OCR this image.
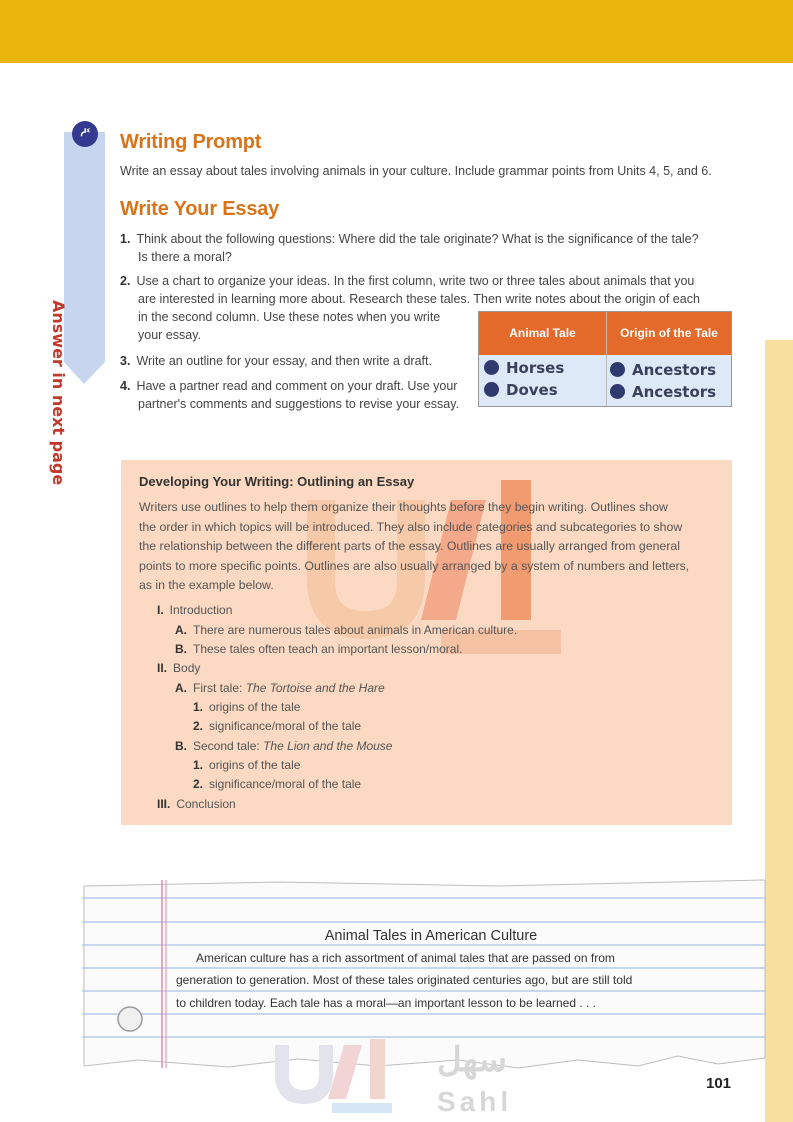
Answer in next page
ᓱᓫ	Writing Prompt
Write an essay about tales involving animals in your culture. Include grammar points from Units 4, 5, and 6.
Write Your Essay
1. Think about the following questions: Where did the tale originate? What is the significance of the tale?
Is there a moral?
2. Use a chart to organize your ideas. In the first column, write two or three tales about animals that you
are interested in learning more about. Research these tales. Then write notes about the origin of each
in the second column. Use these notes when you write
your essay.
3. Write an outline for your essay, and then write a draft.
4. Have a partner read and comment on your draft. Use your
partner's comments and suggestions to revise your essay.
Animal Tale	Origin of the Tale
Horses
Doves
Ancestors
Ancestors
Developing Your Writing: Outlining an Essay
Writers use outlines to help them organize their thoughts before they begin writing. Outlines show
the order in which topics will be introduced. They also include categories and subcategories to show
the relationship between the different parts of the essay. Outlines are usually arranged from general
points to more specific points. Outlines are also usually arranged by a system of numbers and letters,
as in the example below.
I. Introduction
A. There are numerous tales about animals in American culture.
B. These tales often teach an important lesson/moral.
II. Body
A. First tale: The Tortoise and the Hare
1. origins of the tale
2. significance/moral of the tale
B. Second tale: The Lion and the Mouse
1. origins of the tale
2. significance/moral of the tale
III. Conclusion
Animal Tales in American Culture
American culture has a rich assortment of animal tales that are passed on from
generation to generation. Most of these tales originated centuries ago, but are still told
to children today. Each tale has a moral—an important lesson to be learned . . .
سهل
Sahl
101
